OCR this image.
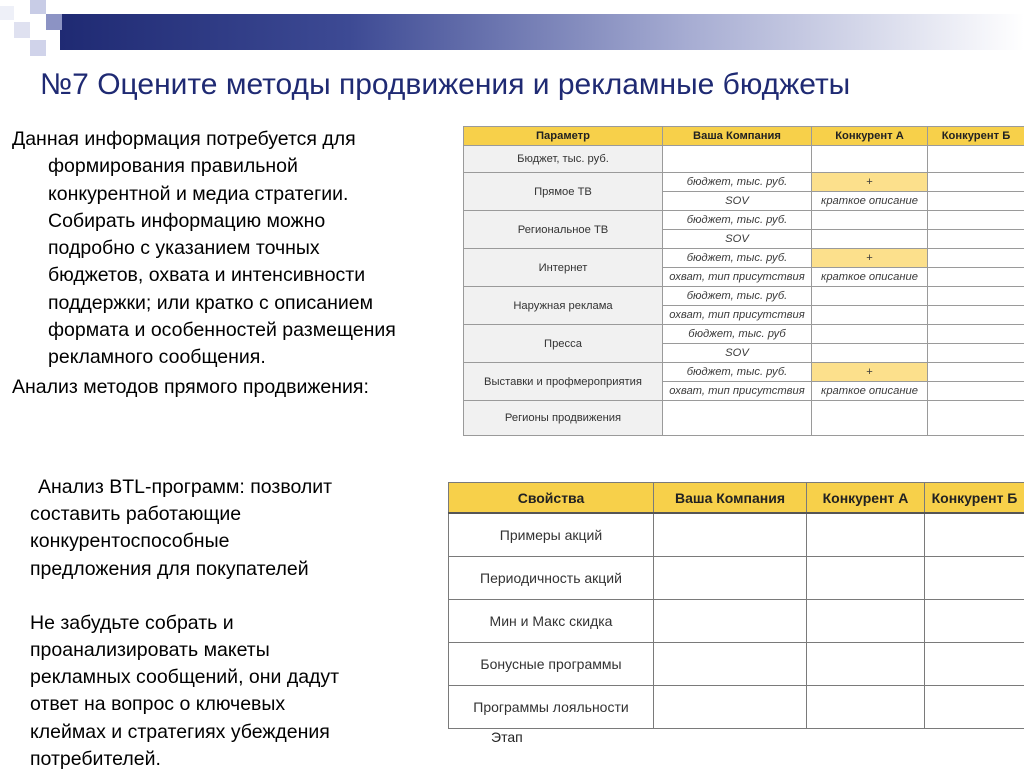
№7 Оцените методы продвижения и рекламные бюджеты
Данная информация потребуется для
формирования правильной
конкурентной и медиа стратегии.
Собирать информацию можно
подробно с указанием точных
бюджетов, охвата и интенсивности
поддержки; или кратко с описанием
формата и особенностей размещения
рекламного сообщения.
Анализ методов прямого продвижения:
Параметр	Ваша Компания	Конкурент А	Конкурент Б
Бюджет, тыс. руб.			
Прямое ТВ	бюджет, тыс. руб.	+	
	SOV	краткое описание	
Региональное ТВ	бюджет, тыс. руб.		
	SOV		
Интернет	бюджет, тыс. руб.	+	
	охват, тип присутствия	краткое описание	
Наружная реклама	бюджет, тыс. руб.		
	охват, тип присутствия		
Пресса	бюджет, тыс. руб		
	SOV		
Выставки и профмероприятия	бюджет, тыс. руб.	+	
	охват, тип присутствия	краткое описание	
Регионы продвижения			
Анализ BTL-программ: позволит
составить работающие
конкурентоспособные
предложения для покупателей
Не забудьте собрать и
проанализировать макеты
рекламных сообщений, они дадут
ответ на вопрос о ключевых
клеймах и стратегиях убеждения
потребителей.
Свойства	Ваша Компания	Конкурент А	Конкурент Б
Примеры акций			
Периодичность акций			
Мин и Макс скидка			
Бонусные программы			
Программы лояльности			
Этап
